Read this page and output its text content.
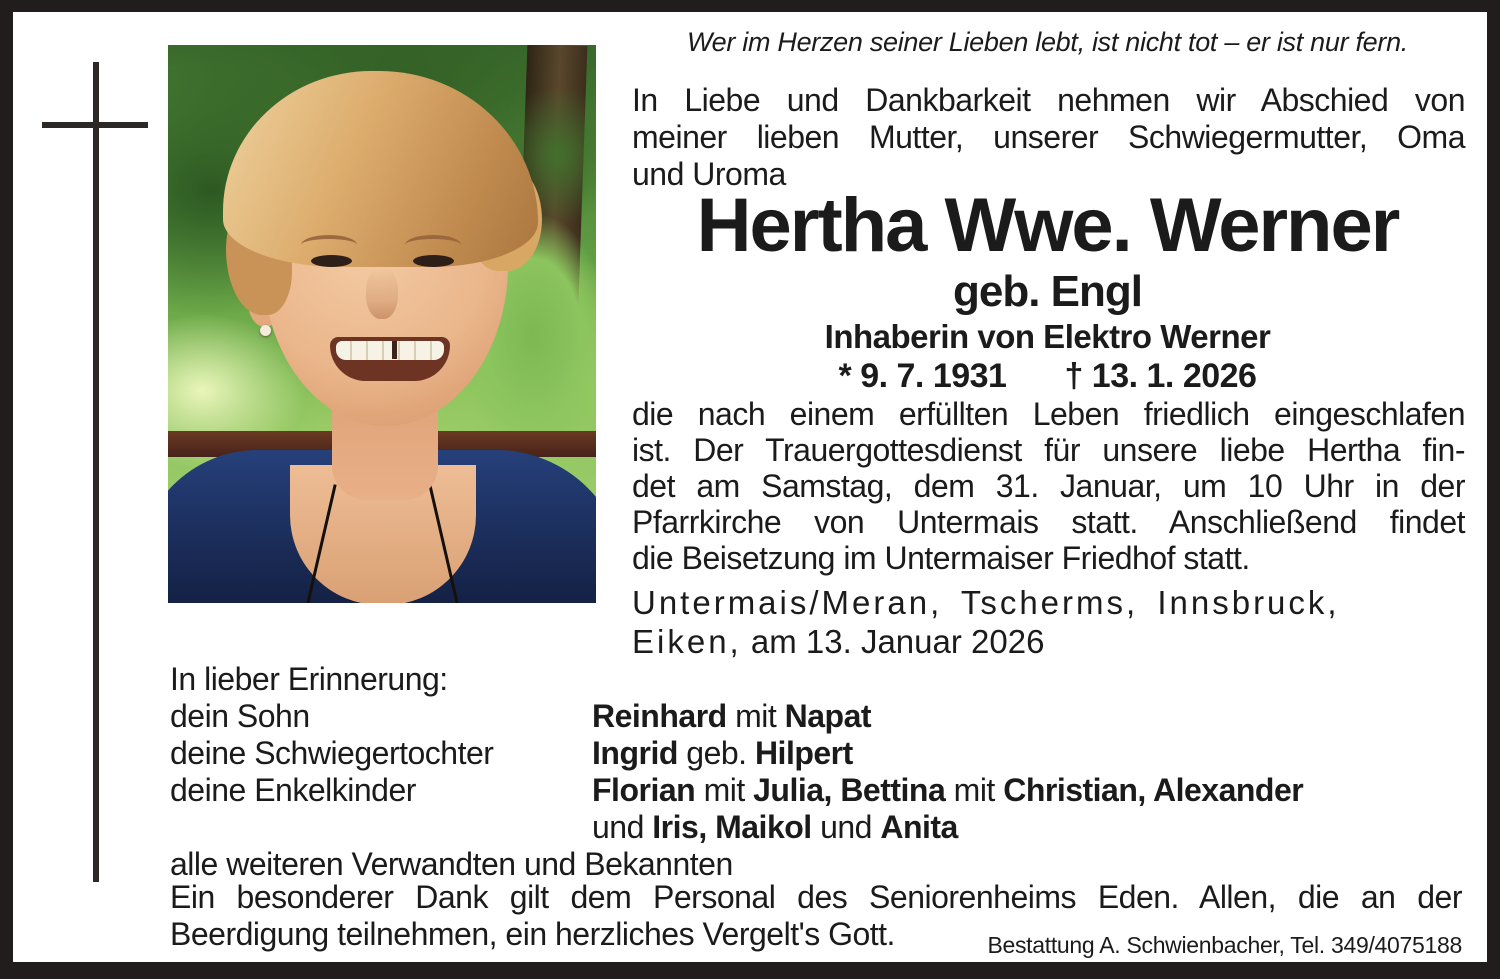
Wer im Herzen seiner Lieben lebt, ist nicht tot – er ist nur fern.
In Liebe und Dankbarkeit nehmen wir Abschied von
meiner lieben Mutter, unserer Schwiegermutter, Oma
und Uroma
Hertha Wwe. Werner
geb. Engl
Inhaberin von Elektro Werner
* 9. 7. 1931 † 13. 1. 2026
die nach einem erfüllten Leben friedlich eingeschlafen
ist. Der Trauergottesdienst für unsere liebe Hertha fin-
det am Samstag, dem 31. Januar, um 10 Uhr in der
Pfarrkirche von Untermais statt. Anschließend findet
die Beisetzung im Untermaiser Friedhof statt.
Untermais/Meran, Tscherms, Innsbruck,
Eiken, am 13. Januar 2026
In lieber Erinnerung:
dein Sohn	Reinhard mit Napat
deine Schwiegertochter	Ingrid geb. Hilpert
deine Enkelkinder	Florian mit Julia, Bettina mit Christian, Alexander
und Iris, Maikol und Anita
alle weiteren Verwandten und Bekannten
Ein besonderer Dank gilt dem Personal des Seniorenheims Eden. Allen, die an der
Beerdigung teilnehmen, ein herzliches Vergelt's Gott.	Bestattung A. Schwienbacher, Tel. 349/4075188
